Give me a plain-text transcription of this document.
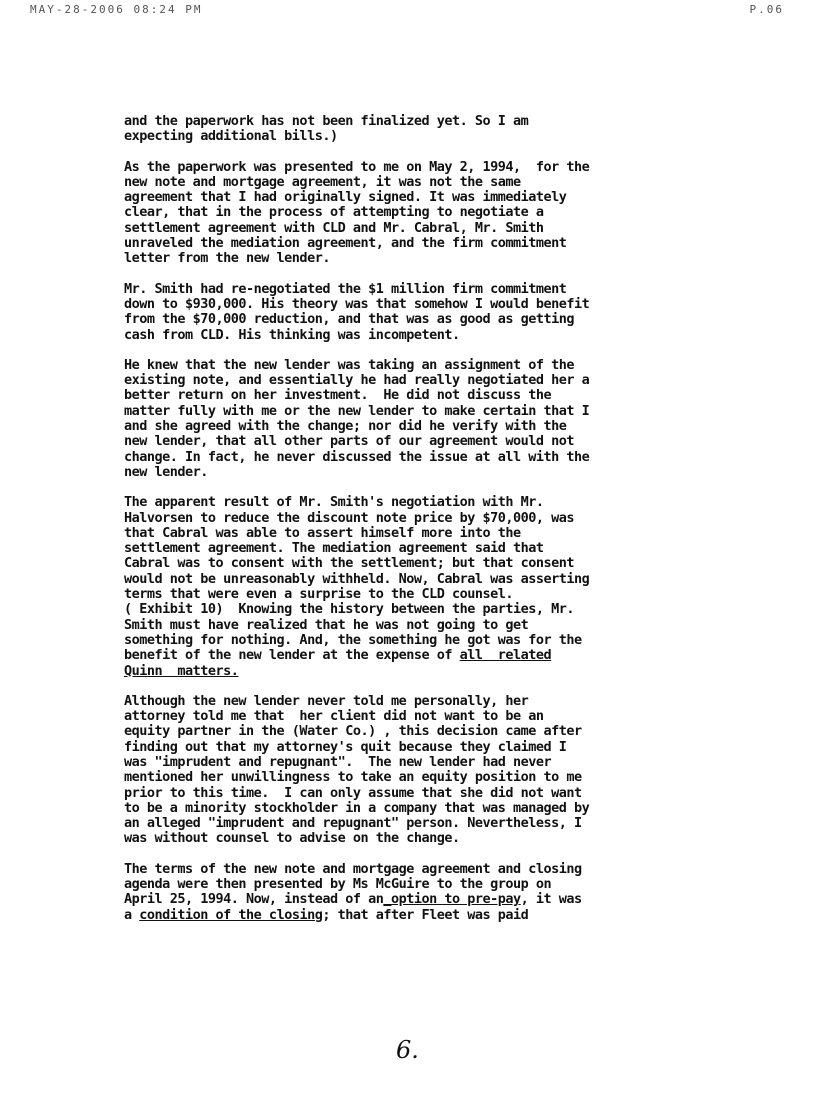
MAY-28-2006 08:24 PM	P.06
and the paperwork has not been finalized yet. So I am
expecting additional bills.)
As the paperwork was presented to me on May 2, 1994,  for the
new note and mortgage agreement, it was not the same
agreement that I had originally signed. It was immediately
clear, that in the process of attempting to negotiate a
settlement agreement with CLD and Mr. Cabral, Mr. Smith
unraveled the mediation agreement, and the firm commitment
letter from the new lender.
Mr. Smith had re-negotiated the $1 million firm commitment
down to $930,000. His theory was that somehow I would benefit
from the $70,000 reduction, and that was as good as getting
cash from CLD. His thinking was incompetent.
He knew that the new lender was taking an assignment of the
existing note, and essentially he had really negotiated her a
better return on her investment.  He did not discuss the
matter fully with me or the new lender to make certain that I
and she agreed with the change; nor did he verify with the
new lender, that all other parts of our agreement would not
change. In fact, he never discussed the issue at all with the
new lender.
The apparent result of Mr. Smith's negotiation with Mr.
Halvorsen to reduce the discount note price by $70,000, was
that Cabral was able to assert himself more into the
settlement agreement. The mediation agreement said that
Cabral was to consent with the settlement; but that consent
would not be unreasonably withheld. Now, Cabral was asserting
terms that were even a surprise to the CLD counsel.
( Exhibit 10)  Knowing the history between the parties, Mr.
Smith must have realized that he was not going to get
something for nothing. And, the something he got was for the
benefit of the new lender at the expense of all  related
Quinn  matters.
Although the new lender never told me personally, her
attorney told me that  her client did not want to be an
equity partner in the (Water Co.) , this decision came after
finding out that my attorney's quit because they claimed I
was "imprudent and repugnant".  The new lender had never
mentioned her unwillingness to take an equity position to me
prior to this time.  I can only assume that she did not want
to be a minority stockholder in a company that was managed by
an alleged "imprudent and repugnant" person. Nevertheless, I
was without counsel to advise on the change.
The terms of the new note and mortgage agreement and closing
agenda were then presented by Ms McGuire to the group on
April 25, 1994. Now, instead of an_option to pre-pay, it was
a condition of the closing; that after Fleet was paid
6.
